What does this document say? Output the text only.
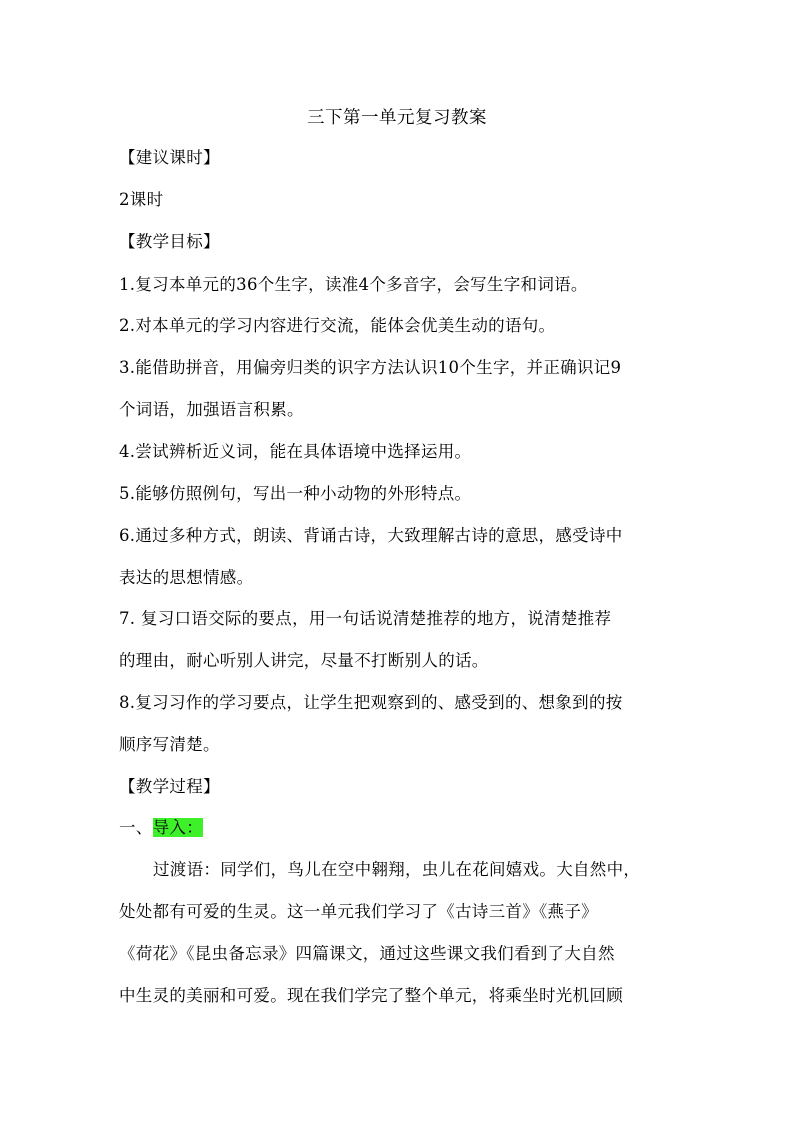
三下第一单元复习教案
【建议课时】
2课时
【教学目标】
1.复习本单元的36个生字，读准4个多音字，会写生字和词语。
2.对本单元的学习内容进行交流，能体会优美生动的语句。
3.能借助拼音，用偏旁归类的识字方法认识10个生字，并正确识记9
个词语，加强语言积累。
4.尝试辨析近义词，能在具体语境中选择运用。
5.能够仿照例句，写出一种小动物的外形特点。
6.通过多种方式，朗读、背诵古诗，大致理解古诗的意思，感受诗中
表达的思想情感。
7. 复习口语交际的要点，用一句话说清楚推荐的地方，说清楚推荐
的理由，耐心听别人讲完，尽量不打断别人的话。
8.复习习作的学习要点，让学生把观察到的、感受到的、想象到的按
顺序写清楚。
【教学过程】
一、导入：
过渡语：同学们，鸟儿在空中翱翔，虫儿在花间嬉戏。大自然中，
处处都有可爱的生灵。这一单元我们学习了《古诗三首》《燕子》
《荷花》《昆虫备忘录》四篇课文，通过这些课文我们看到了大自然
中生灵的美丽和可爱。现在我们学完了整个单元，将乘坐时光机回顾
